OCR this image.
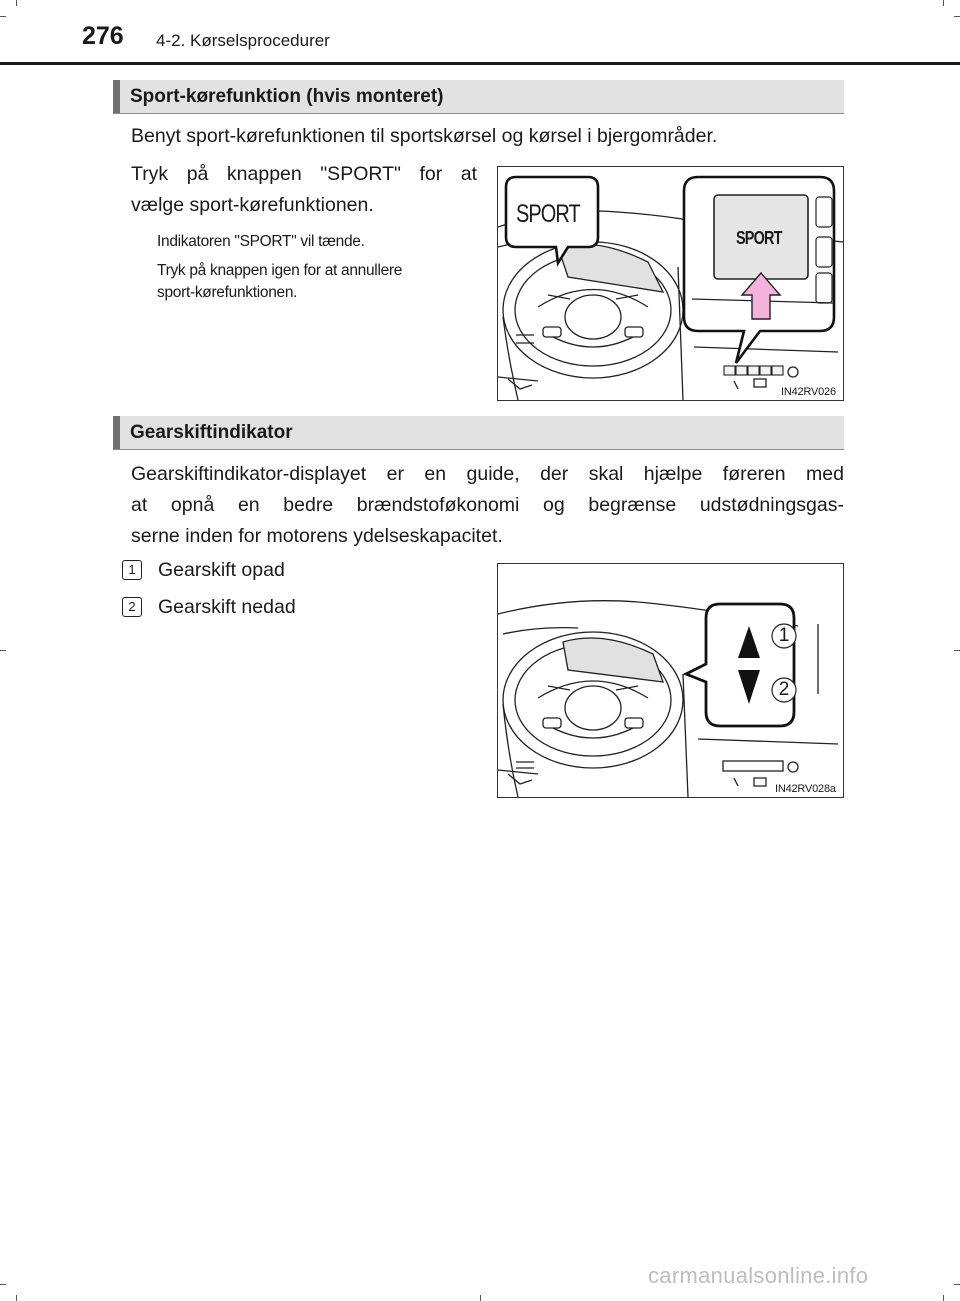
276 4-2. Kørselsprocedurer
Sport-kørefunktion (hvis monteret)
Benyt sport-kørefunktionen til sportskørsel og kørsel i bjergområder.
Tryk på knappen "SPORT" for at
vælge sport-kørefunktionen.
Indikatoren "SPORT" vil tænde.
Tryk på knappen igen for at annullere
sport-kørefunktionen.
SPORT
SPORT
IN42RV026
Gearskiftindikator
Gearskiftindikator-displayet er en guide, der skal hjælpe føreren med
at opnå en bedre brændstoføkonomi og begrænse udstødningsgas-
serne inden for motorens ydelseskapacitet.
1	Gearskift opad
2	Gearskift nedad
1
2
IN42RV028a
carmanualsonline.info
